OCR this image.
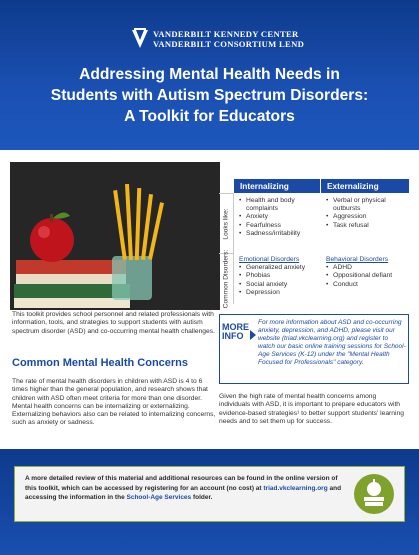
VANDERBILT KENNEDY CENTER
VANDERBILT CONSORTIUM LEND
Addressing Mental Health Needs in
Students with Autism Spectrum Disorders:
A Toolkit for Educators
Internalizing	Externalizing
Looks like:
Common Disorders:
• Health and body complaints
• Anxiety
• Fearfulness
• Sadness/irritability
• Verbal or physical outbursts
• Aggression
• Task refusal
Emotional Disorders
• Generalized anxiety
• Phobias
• Social anxiety
• Depression
Behavioral Disorders
• ADHD
• Oppositional defiant
• Conduct

This toolkit provides school personnel and related professionals with information, tools, and strategies to support students with autism spectrum disorder (ASD) and co-occurring mental health challenges.

Common Mental Health Concerns

The rate of mental health disorders in children with ASD is 4 to 6 times higher than the general population, and research shows that children with ASD often meet criteria for more than one disorder. Mental health concerns can be internalizing or externalizing. Externalizing behaviors also can be related to internalizing concerns, such as anxiety or sadness.

MORE
INFO

For more information about ASD and co-occurring anxiety, depression, and ADHD, please visit our website (triad.vkclearning.org) and register to watch our basic online training sessions for School-Age Services (K-12) under the "Mental Health Focused for Professionals" category.

Given the high rate of mental health concerns among individuals with ASD, it is important to prepare educators with evidence-based strategies¹ to better support students' learning needs and to set them up for success.

A more detailed review of this material and additional resources can be found in the online version of this toolkit, which can be accessed by registering for an account (no cost) at triad.vkclearning.org and accessing the information in the School-Age Services folder.
